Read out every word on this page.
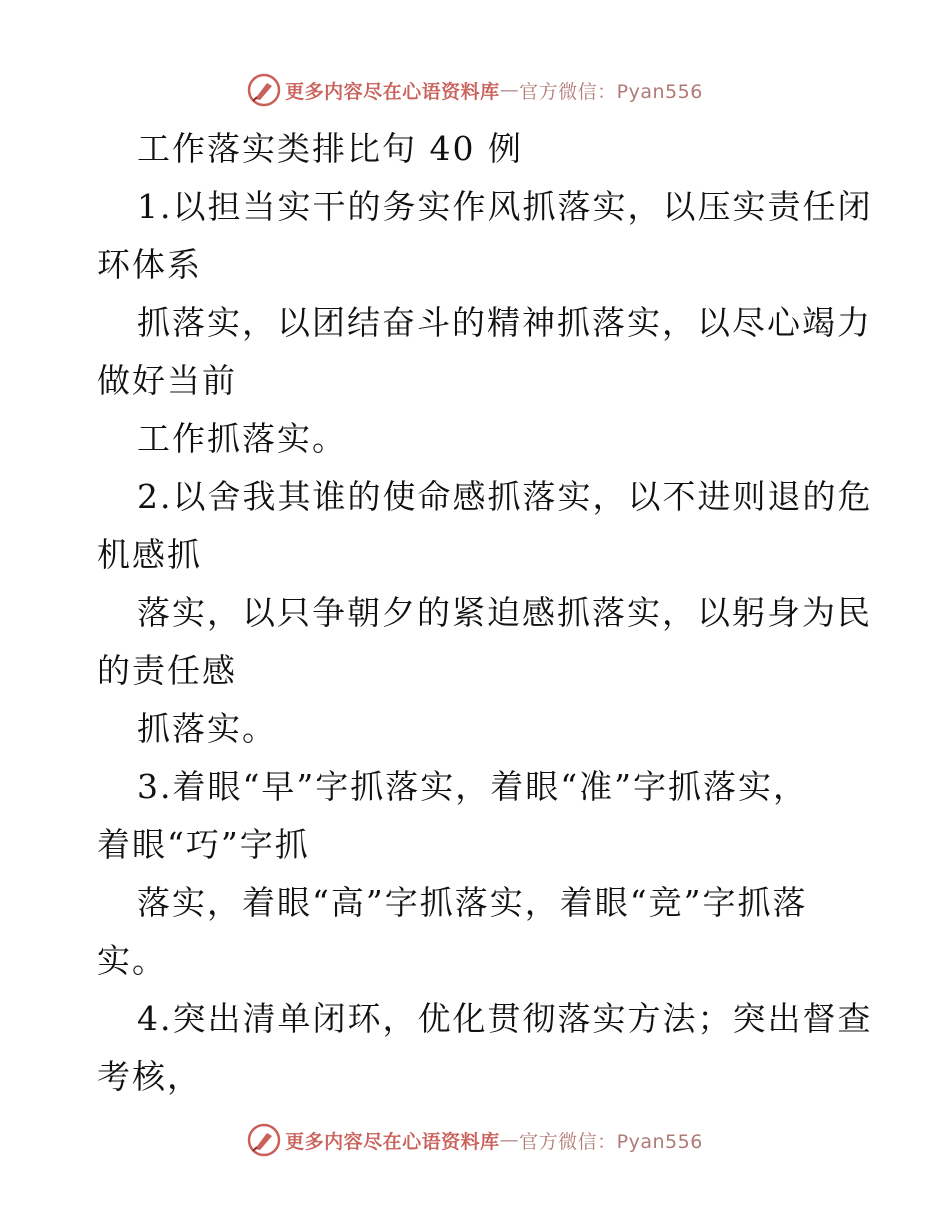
更多内容尽在心语资料库 — 官方微信：Pyan556

工作落实类排比句 40 例

1.以担当实干的务实作风抓落实，以压实责任闭

环体系

抓落实，以团结奋斗的精神抓落实，以尽心竭力

做好当前

工作抓落实。

2.以舍我其谁的使命感抓落实，以不进则退的危

机感抓

落实，以只争朝夕的紧迫感抓落实，以躬身为民

的责任感

抓落实。

3.着眼“早”字抓落实，着眼“准”字抓落实，

着眼“巧”字抓

落实，着眼“高”字抓落实，着眼“竞”字抓落

实。

4.突出清单闭环，优化贯彻落实方法；突出督查

考核，

更多内容尽在心语资料库 — 官方微信：Pyan556
